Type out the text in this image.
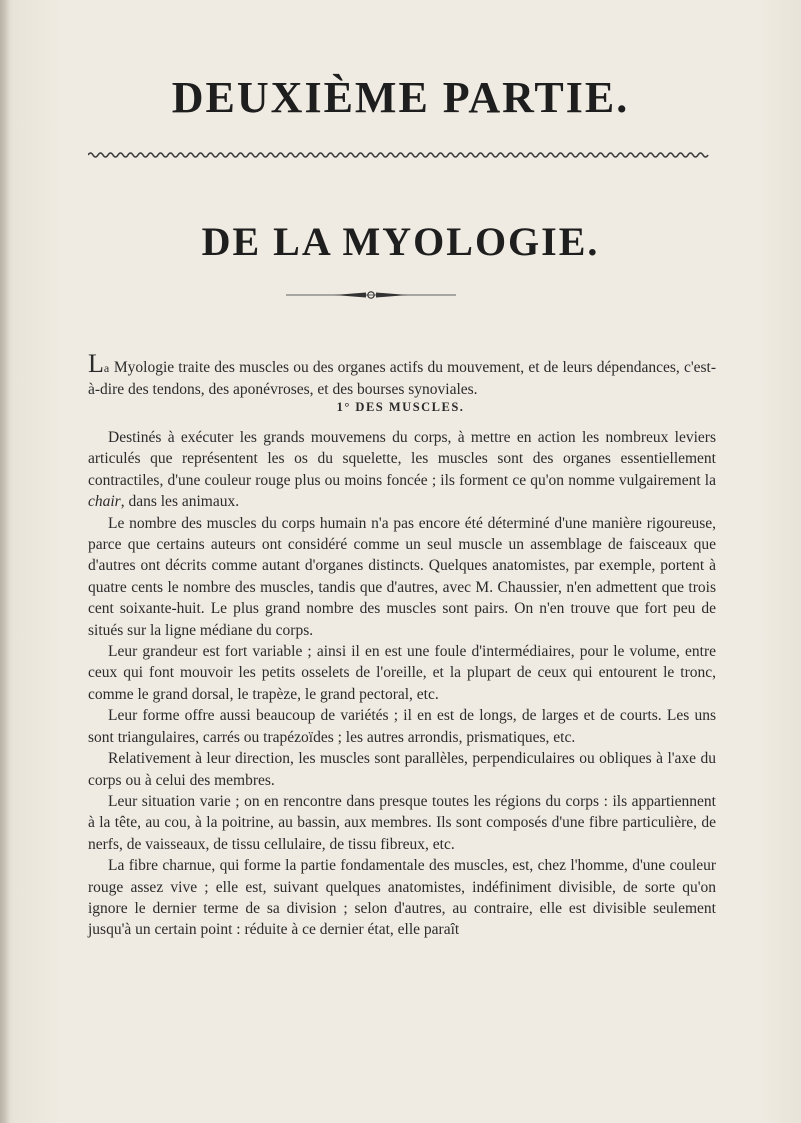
DEUXIÈME PARTIE.
DE LA MYOLOGIE.
La Myologie traite des muscles ou des organes actifs du mouvement, et de leurs dépendances, c'est-à-dire des tendons, des aponévroses, et des bourses synoviales.
1° DES MUSCLES.

Destinés à exécuter les grands mouvemens du corps, à mettre en action les nombreux leviers articulés que représentent les os du squelette, les muscles sont des organes essentiellement contractiles, d'une couleur rouge plus ou moins foncée ; ils forment ce qu'on nomme vulgairement la chair, dans les animaux.

Le nombre des muscles du corps humain n'a pas encore été déterminé d'une manière rigoureuse, parce que certains auteurs ont considéré comme un seul muscle un assemblage de faisceaux que d'autres ont décrits comme autant d'organes distincts. Quelques anatomistes, par exemple, portent à quatre cents le nombre des muscles, tandis que d'autres, avec M. Chaussier, n'en admettent que trois cent soixante-huit. Le plus grand nombre des muscles sont pairs. On n'en trouve que fort peu de situés sur la ligne médiane du corps.

Leur grandeur est fort variable ; ainsi il en est une foule d'intermédiaires, pour le volume, entre ceux qui font mouvoir les petits osselets de l'oreille, et la plupart de ceux qui entourent le tronc, comme le grand dorsal, le trapèze, le grand pectoral, etc.

Leur forme offre aussi beaucoup de variétés ; il en est de longs, de larges et de courts. Les uns sont triangulaires, carrés ou trapézoïdes ; les autres arrondis, prismatiques, etc.

Relativement à leur direction, les muscles sont parallèles, perpendiculaires ou obliques à l'axe du corps ou à celui des membres.

Leur situation varie ; on en rencontre dans presque toutes les régions du corps : ils appartiennent à la tête, au cou, à la poitrine, au bassin, aux membres. Ils sont composés d'une fibre particulière, de nerfs, de vaisseaux, de tissu cellulaire, de tissu fibreux, etc.

La fibre charnue, qui forme la partie fondamentale des muscles, est, chez l'homme, d'une couleur rouge assez vive ; elle est, suivant quelques anatomistes, indéfiniment divisible, de sorte qu'on ignore le dernier terme de sa division ; selon d'autres, au contraire, elle est divisible seulement jusqu'à un certain point : réduite à ce dernier état, elle paraît
